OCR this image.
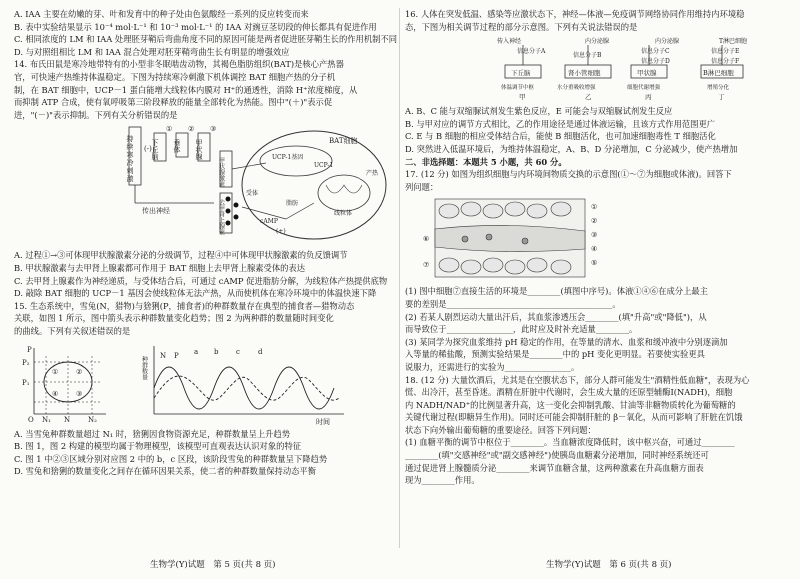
A. IAA 主要在幼嫩的芽、叶和发育中的种子处由色氨酸经一系列的反应转变而来

B. 表中实验结果显示 10⁻⁴ mol·L⁻¹ 和 10⁻³ mol·L⁻¹ 的 IAA 对豌豆茎切段的伸长都具有促进作用

C. 相同浓度的 LM 和 IAA 处理胚芽鞘后弯曲角度不同的原因可能是两者促进胚芽鞘生长的作用机制不同

D. 与对照组相比 LM 和 IAA 混合处理对胚芽鞘弯曲生长有明显的增强效应

14. 布氏田鼠是寒冷地带特有的小型非冬眠啮齿动物，其褐色脂肪组织(BAT)是核心产热器

官，可快速产热维持体温稳定。下图为持续寒冷刺激下机体调控 BAT 细胞产热的分子机

制，在 BAT 细胞中，UCP－1 蛋白能增大线粒体内膜对 H⁺的通透性，消除 H⁺浓度梯度，从

而抑制 ATP 合成，使有氧呼吸第三阶段释放的能量全部转化为热能。图中"(＋)"表示促

进，"(－)"表示抑制。下列有关分析错误的是

持续寒冷刺激 下丘脑 垂体 甲状腺
① ② ③
(-)
传出神经
甲状腺激素
去甲肾上腺素
BAT细胞
UCP-1基因
UCP-1
线粒体
产热
脂肪
cAMP
受体
(+)

A. 过程①→③可体现甲状腺激素分泌的分级调节，过程④中可体现甲状腺激素的负反馈调节

B. 甲状腺激素与去甲肾上腺素都可作用于 BAT 细胞上去甲肾上腺素受体的表达

C. 去甲肾上腺素作为神经递质，与受体结合后，可通过 cAMP 促进脂肪分解，为线粒体产热提供底物

D. 敲除 BAT 细胞的 UCP－1 基因会使线粒体无法产热，从而使机体在寒冷环境中的体温快速下降

15. 生态系统中，雪兔(N，猎物)与猞猁(P，捕食者)的种群数量存在典型的捕食者—猎物动态

关联，如图 1 所示，图中箭头表示种群数量变化趋势；图 2 为两种群的数量随时间变化

的曲线。下列有关叙述错误的是

P
P₂
P₁
O N₁ N	N₂
①	②
③
④
种群数量
时间
N P a b	c	d

A. 当雪兔种群数量超过 N₁ 时，猞猁因食物资源充足，种群数量呈上升趋势

B. 图 1，图 2 构建的模型均属于物理模型，该模型可直观表达认识对象的特征

C. 图 1 中②③区域分别对应图 2 中的 b，c 区段，该阶段雪兔的种群数量呈下降趋势

D. 雪兔和猞猁的数量变化之间存在循环因果关系，使二者的种群数量保持动态平衡

16. 人体在突发低温、感染等应激状态下，神经—体液—免疫调节网络协同作用维持内环境稳

态，下图为相关调节过程的部分示意图。下列有关说法错误的是

传入神经	内分泌腺	内分泌腺	T淋巴细胞
信息分子A
信息分子B
信息分子C
信息分子D
信息分子E
信息分子F
下丘脑	肾小管细胞	甲状腺	B淋巴细胞
体温调节中枢	水分重吸收增强	细胞代谢增强	增殖分化
甲	乙	丙	丁

A. B、C 能与双缩脲试剂发生紫色反应，E 可能会与双缩脲试剂发生反应

B. 与甲对应的调节方式相比，乙的作用途径是通过体液运输，且该方式作用范围更广

C. E 与 B 细胞的相应受体结合后，能使 B 细胞活化，也可加速细胞毒性 T 细胞活化

D. 突然进入低温环境后，为维持体温稳定，A、B、D 分泌增加，C 分泌减少，使产热增加

二、非选择题：本题共 5 小题，共 60 分。

17. (12 分) 如图为组织细胞与内环境间物质交换的示意图(①～⑦为细胞或体液)。回答下

列问题：

①
②
③
④
⑤
⑥
⑦

(1) 图中细胞⑦直接生活的环境是________(填图中序号)。体液①④⑥在成分上最主

要的差别是________________________________________。

(2) 若某人剧烈运动大量出汗后，其血浆渗透压会________(填"升高"或"降低")，从

而导致位于________________，此时应及时补充适量________。

(3) 某同学为探究血浆维持 pH 稳定的作用，在等量的清水、血浆和缓冲液中分别逐滴加

入等量的稀盐酸，预测实验结果是________中的 pH 变化更明显。若要使实验更具

说服力，还需进行的实验为________________。

18. (12 分) 大量饮酒后，尤其是在空腹状态下，部分人群可能发生"酒精性低血糖"，表现为心

慌、出冷汗，甚至昏迷。酒精在肝脏中代谢时，会生成大量的还原型辅酶Ⅰ(NADH)，细胞

内 NADH/NAD⁺的比例显著升高，这一变化会抑制乳酸、甘油等非糖物质转化为葡萄糖的

关键代谢过程(即糖异生作用)。同时还可能会抑制肝脏的 β－氧化，从而可影响了肝脏在饥饿

状态下向外输出葡萄糖的重要途径。回答下列问题：

(1) 血糖平衡的调节中枢位于________。当血糖浓度降低时，该中枢兴奋，可通过________

________(填"交感神经"或"副交感神经")使胰岛血糖素分泌增加，同时神经系统还可

通过促进肾上腺髓质分泌________来调节血糖含量，这两种激素在升高血糖方面表

现为________作用。

生物学(Y)试题　第 5 页(共 8 页)	生物学(Y)试题　第 6 页(共 8 页)
